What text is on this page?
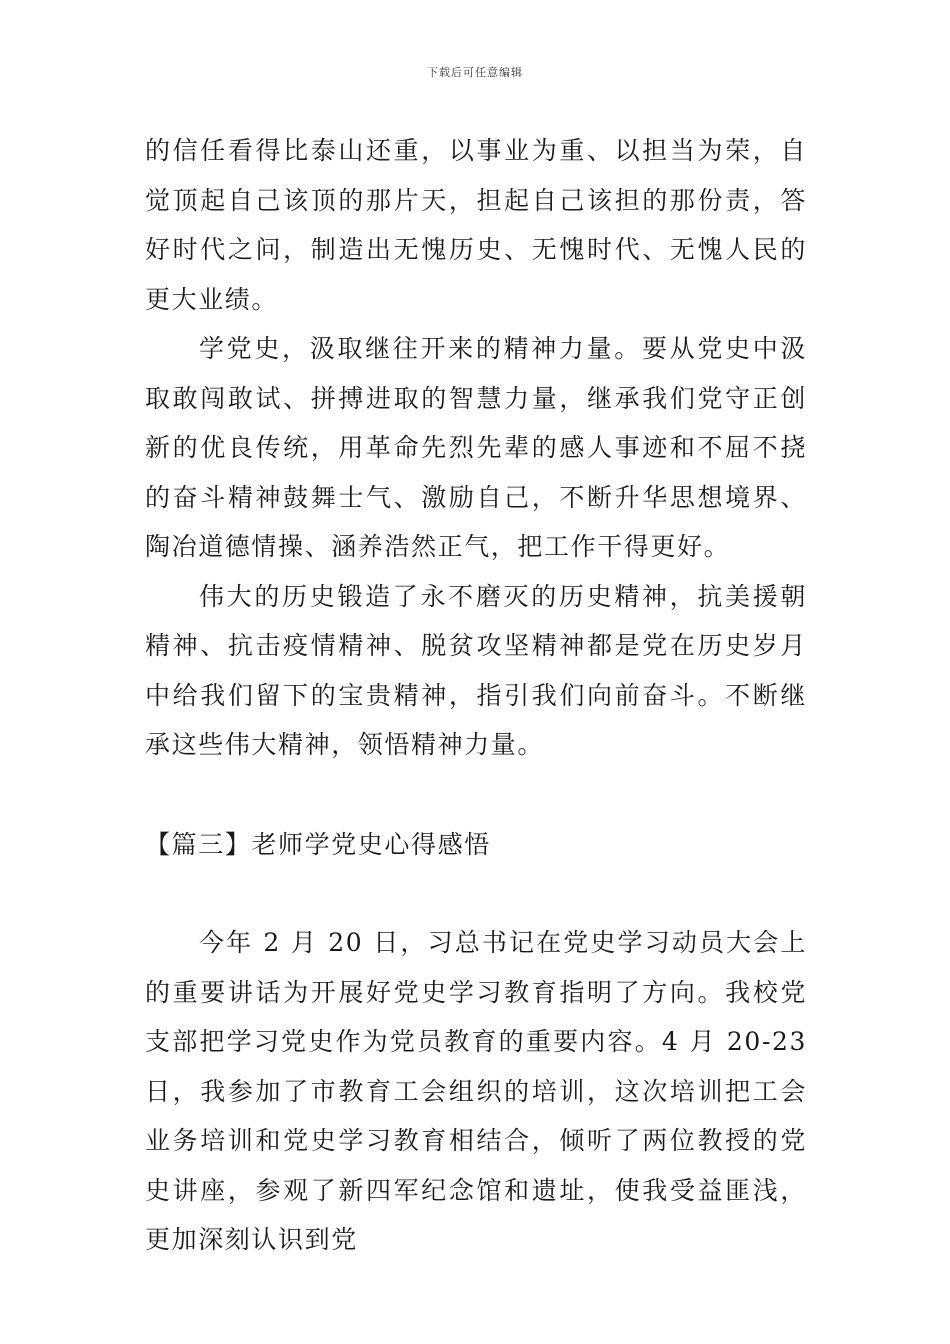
下载后可任意编辑

的信任看得比泰山还重，以事业为重、以担当为荣，自觉顶起自己该顶的那片天，担起自己该担的那份责，答好时代之问，制造出无愧历史、无愧时代、无愧人民的更大业绩。

学党史，汲取继往开来的精神力量。要从党史中汲取敢闯敢试、拼搏进取的智慧力量，继承我们党守正创新的优良传统，用革命先烈先辈的感人事迹和不屈不挠的奋斗精神鼓舞士气、激励自己，不断升华思想境界、陶冶道德情操、涵养浩然正气，把工作干得更好。

伟大的历史锻造了永不磨灭的历史精神，抗美援朝精神、抗击疫情精神、脱贫攻坚精神都是党在历史岁月中给我们留下的宝贵精神，指引我们向前奋斗。不断继承这些伟大精神，领悟精神力量。

【篇三】老师学党史心得感悟

今年 2 月 20 日，习总书记在党史学习动员大会上的重要讲话为开展好党史学习教育指明了方向。我校党支部把学习党史作为党员教育的重要内容。4 月 20-23 日，我参加了市教育工会组织的培训，这次培训把工会业务培训和党史学习教育相结合，倾听了两位教授的党史讲座，参观了新四军纪念馆和遗址，使我受益匪浅，更加深刻认识到党
